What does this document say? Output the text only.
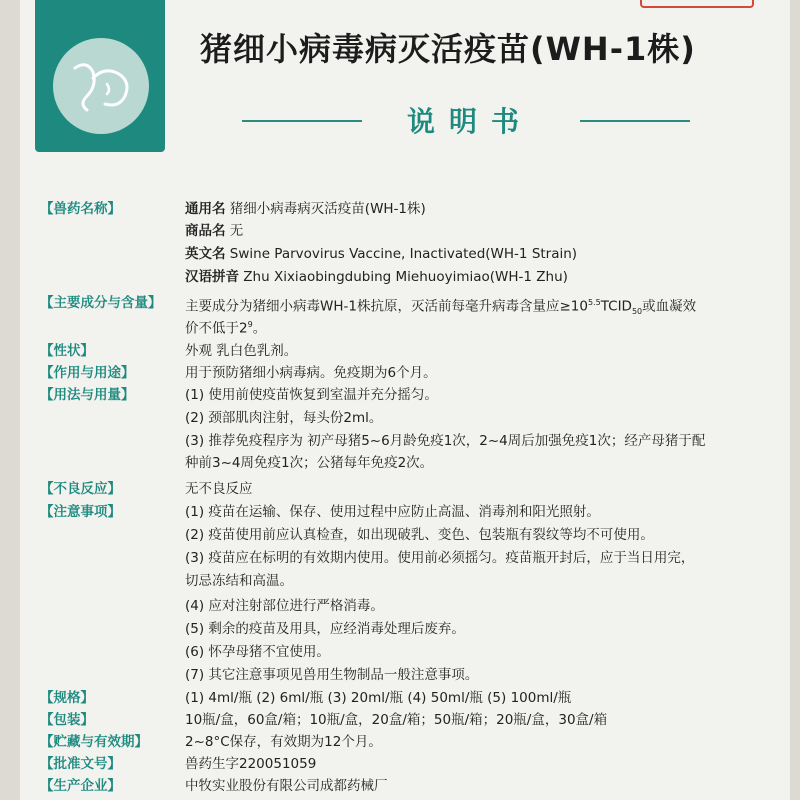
猪细小病毒病灭活疫苗(WH-1株)
说明书
【兽药名称】	通用名 猪细小病毒病灭活疫苗(WH-1株)
商品名 无
英文名 Swine Parvovirus Vaccine, Inactivated(WH-1 Strain)
汉语拼音 Zhu Xixiaobingdubing Miehuoyimiao(WH-1 Zhu)
【主要成分与含量】	主要成分为猪细小病毒WH-1株抗原，灭活前每毫升病毒含量应$\ge 10^{5.5}TCID_{50}$或血凝效
价不低于$2^9$。
【性状】	外观 乳白色乳剂。
【作用与用途】	用于预防猪细小病毒病。免疫期为6个月。
【用法与用量】	(1) 使用前使疫苗恢复到室温并充分摇匀。
(2) 颈部肌肉注射，每头份2ml。
(3) 推荐免疫程序为 初产母猪5~6月龄免疫1次，2~4周后加强免疫1次；经产母猪于配
种前3~4周免疫1次；公猪每年免疫2次。
【不良反应】	无不良反应
【注意事项】	(1) 疫苗在运输、保存、使用过程中应防止高温、消毒剂和阳光照射。
(2) 疫苗使用前应认真检查，如出现破乳、变色、包装瓶有裂纹等均不可使用。
(3) 疫苗应在标明的有效期内使用。使用前必须摇匀。疫苗瓶开封后，应于当日用完，
切忌冻结和高温。
(4) 应对注射部位进行严格消毒。
(5) 剩余的疫苗及用具，应经消毒处理后废弃。
(6) 怀孕母猪不宜使用。
(7) 其它注意事项见兽用生物制品一般注意事项。
【规格】	(1) 4ml/瓶 (2) 6ml/瓶 (3) 20ml/瓶 (4) 50ml/瓶 (5) 100ml/瓶
【包装】	10瓶/盒，60盒/箱；10瓶/盒，20盒/箱；50瓶/箱；20瓶/盒，30盒/箱
【贮藏与有效期】	2~8°C保存，有效期为12个月。
【批准文号】	兽药生字220051059
【生产企业】	中牧实业股份有限公司成都药械厂
